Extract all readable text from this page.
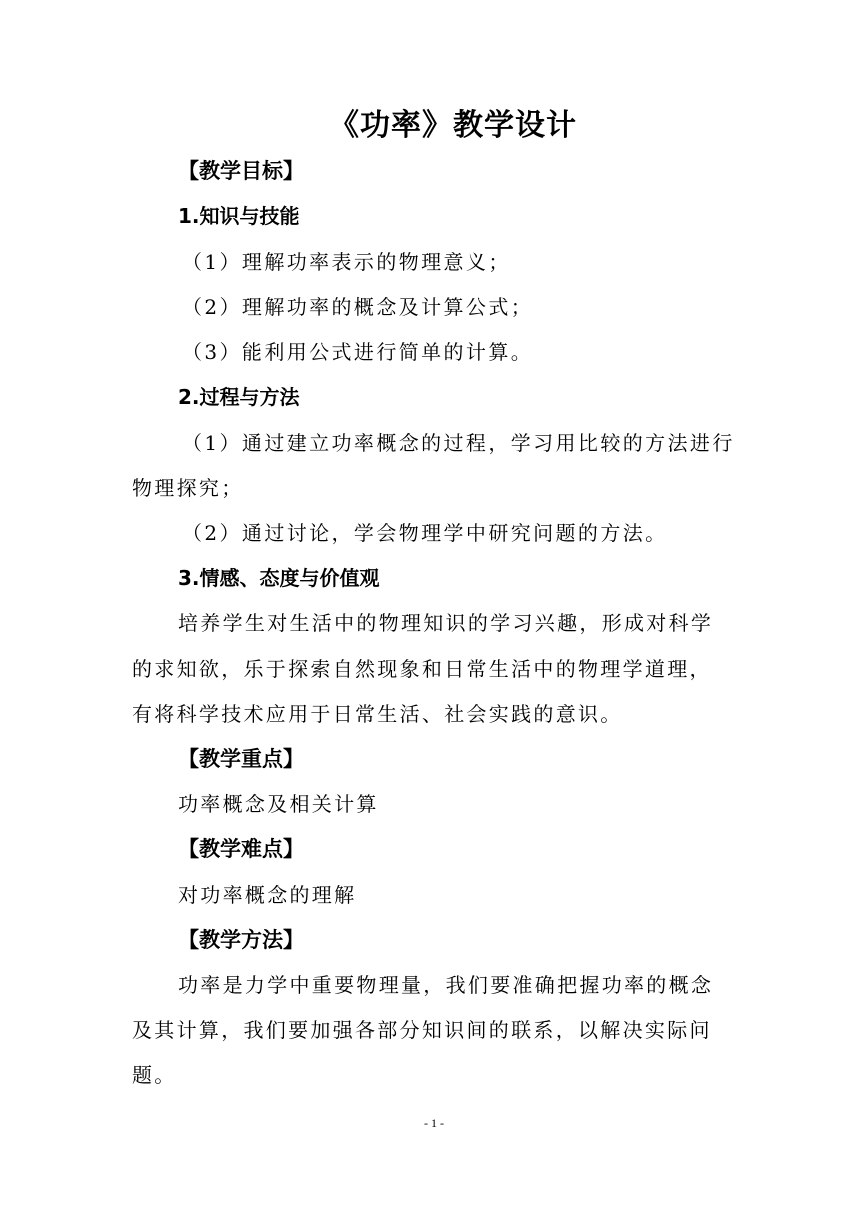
《功率》教学设计
【教学目标】
1.知识与技能
（1）理解功率表示的物理意义；
（2）理解功率的概念及计算公式；
（3）能利用公式进行简单的计算。
2.过程与方法
（1）通过建立功率概念的过程，学习用比较的方法进行
物理探究；
（2）通过讨论，学会物理学中研究问题的方法。
3.情感、态度与价值观
培养学生对生活中的物理知识的学习兴趣，形成对科学
的求知欲，乐于探索自然现象和日常生活中的物理学道理，
有将科学技术应用于日常生活、社会实践的意识。
【教学重点】
功率概念及相关计算
【教学难点】
对功率概念的理解
【教学方法】
功率是力学中重要物理量，我们要准确把握功率的概念
及其计算，我们要加强各部分知识间的联系，以解决实际问
题。
- 1 -
